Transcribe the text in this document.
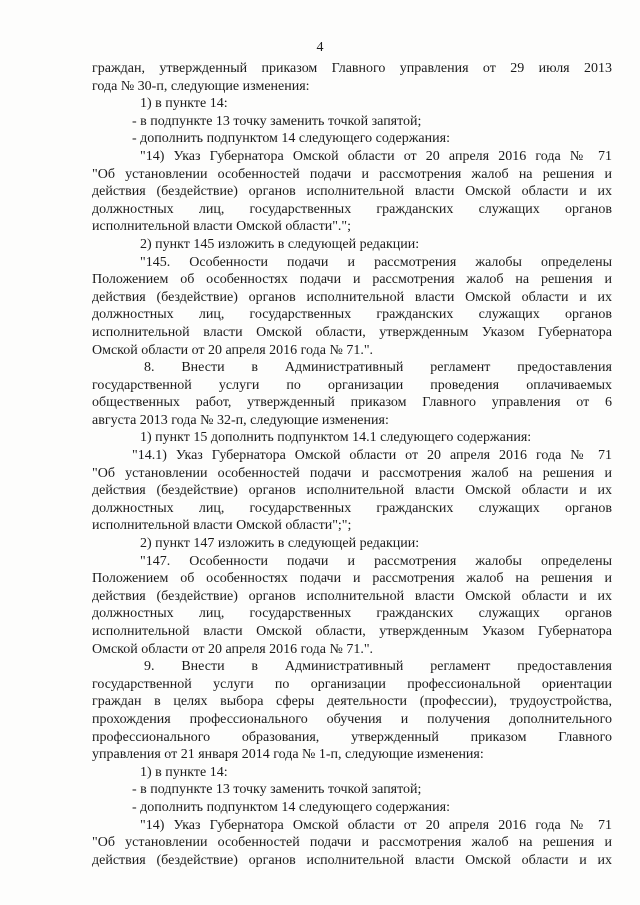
4

граждан, утвержденный приказом Главного управления от 29 июля 2013

года № 30-п, следующие изменения:

1) в пункте 14:

- в подпункте 13 точку заменить точкой запятой;

- дополнить подпунктом 14 следующего содержания:

"14) Указ Губернатора Омской области от 20 апреля 2016 года № 71

"Об установлении особенностей подачи и рассмотрения жалоб на решения и

действия (бездействие) органов исполнительной власти Омской области и их

должностных лиц, государственных гражданских служащих органов

исполнительной власти Омской области".";

2) пункт 145 изложить в следующей редакции:

"145. Особенности подачи и рассмотрения жалобы определены

Положением об особенностях подачи и рассмотрения жалоб на решения и

действия (бездействие) органов исполнительной власти Омской области и их

должностных лиц, государственных гражданских служащих органов

исполнительной власти Омской области, утвержденным Указом Губернатора

Омской области от 20 апреля 2016 года № 71.".

8. Внести в Административный регламент предоставления

государственной услуги по организации проведения оплачиваемых

общественных работ, утвержденный приказом Главного управления от 6

августа 2013 года № 32-п, следующие изменения:

1) пункт 15 дополнить подпунктом 14.1 следующего содержания:

"14.1) Указ Губернатора Омской области от 20 апреля 2016 года № 71

"Об установлении особенностей подачи и рассмотрения жалоб на решения и

действия (бездействие) органов исполнительной власти Омской области и их

должностных лиц, государственных гражданских служащих органов

исполнительной власти Омской области";";

2) пункт 147 изложить в следующей редакции:

"147. Особенности подачи и рассмотрения жалобы определены

Положением об особенностях подачи и рассмотрения жалоб на решения и

действия (бездействие) органов исполнительной власти Омской области и их

должностных лиц, государственных гражданских служащих органов

исполнительной власти Омской области, утвержденным Указом Губернатора

Омской области от 20 апреля 2016 года № 71.".

9. Внести в Административный регламент предоставления

государственной услуги по организации профессиональной ориентации

граждан в целях выбора сферы деятельности (профессии), трудоустройства,

прохождения профессионального обучения и получения дополнительного

профессионального образования, утвержденный приказом Главного

управления от 21 января 2014 года № 1-п, следующие изменения:

1) в пункте 14:

- в подпункте 13 точку заменить точкой запятой;

- дополнить подпунктом 14 следующего содержания:

"14) Указ Губернатора Омской области от 20 апреля 2016 года № 71

"Об установлении особенностей подачи и рассмотрения жалоб на решения и

действия (бездействие) органов исполнительной власти Омской области и их
